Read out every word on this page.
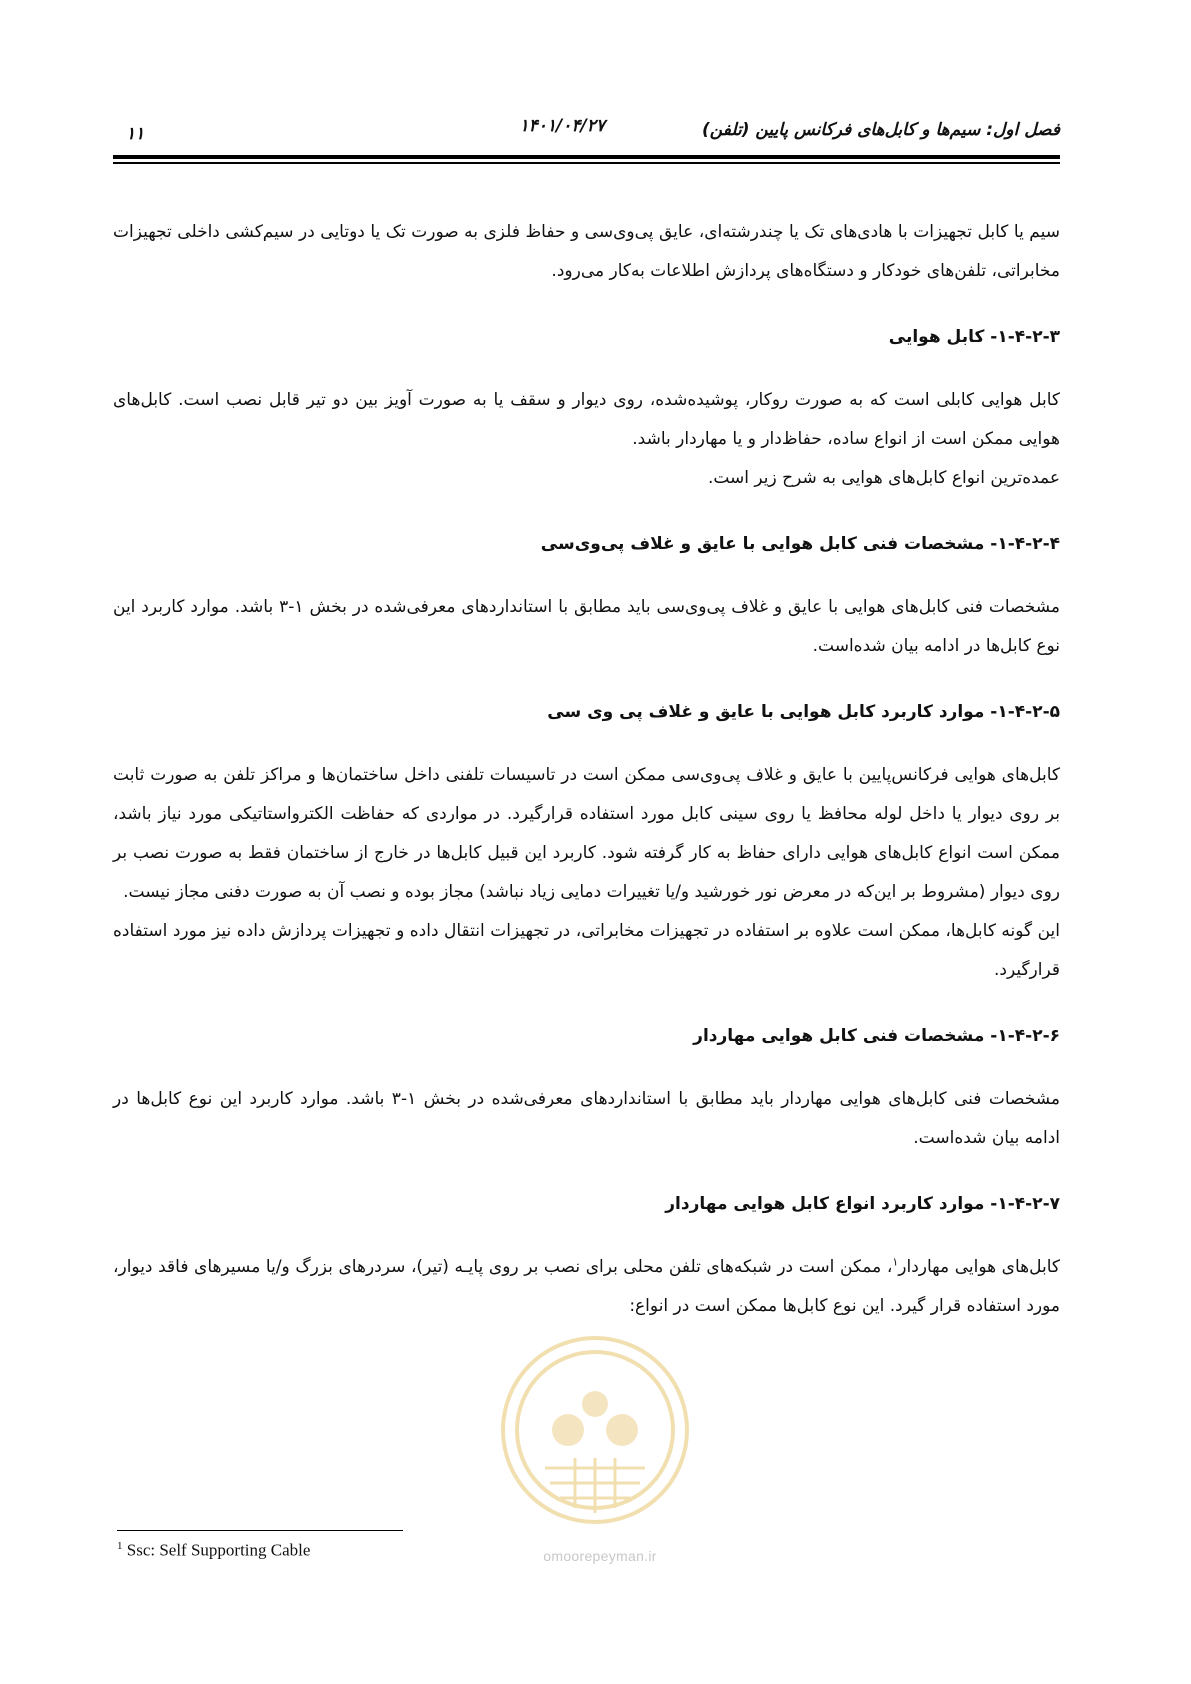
فصل اول: سیم‌ها و کابل‌های فرکانس پایین (تلفن)
۱۴۰۱/۰۴/۲۷
۱۱

سیم یا کابل تجهیزات با هادی‌های تک یا چندرشته‌ای، عایق پی‌وی‌سی و حفاظ فلزی به صورت تک یا دوتایی در سیم‌کشی داخلی تجهیزات مخابراتی، تلفن‌های خودکار و دستگاه‌های پردازش اطلاعات به‌کار می‌رود.

۱-۴-۲-۳- کابل هوایی

کابل هوایی کابلی است که به صورت روکار، پوشیده‌شده، روی دیوار و سقف یا به صورت آویز بین دو تیر قابل نصب است. کابل‌های هوایی ممکن است از انواع ساده، حفاظ‌دار و یا مهاردار باشد.

عمده‌ترین انواع کابل‌های هوایی به شرح زیر است.

۱-۴-۲-۴- مشخصات فنی کابل هوایی با عایق و غلاف پی‌وی‌سی

مشخصات فنی کابل‌های هوایی با عایق و غلاف پی‌وی‌سی باید مطابق با استانداردهای معرفی‌شده در بخش ۱-۳ باشد. موارد کاربرد این نوع کابل‌ها در ادامه بیان شده‌است.

۱-۴-۲-۵- موارد کاربرد کابل هوایی با عایق و غلاف پی وی سی

کابل‌های هوایی فرکانس‌پایین با عایق و غلاف پی‌وی‌سی ممکن است در تاسیسات تلفنی داخل ساختمان‌ها و مراکز تلفن به صورت ثابت بر روی دیوار یا داخل لوله محافظ یا روی سینی کابل مورد استفاده قرارگیرد. در مواردی که حفاظت الکترواستاتیکی مورد نیاز باشد، ممکن است انواع کابل‌های هوایی دارای حفاظ به کار گرفته شود. کاربرد این قبیل کابل‌ها در خارج از ساختمان فقط به صورت نصب بر روی دیوار (مشروط بر این‌که در معرض نور خورشید و/یا تغییرات دمایی زیاد نباشد) مجاز بوده و نصب آن به صورت دفنی مجاز نیست.

این گونه کابل‌ها، ممکن است علاوه بر استفاده در تجهیزات مخابراتی، در تجهیزات انتقال داده و تجهیزات پردازش داده نیز مورد استفاده قرارگیرد.

۱-۴-۲-۶- مشخصات فنی کابل هوایی مهاردار

مشخصات فنی کابل‌های هوایی مهاردار باید مطابق با استانداردهای معرفی‌شده در بخش ۱-۳ باشد. موارد کاربرد این نوع کابل‌ها در ادامه بیان شده‌است.

۱-۴-۲-۷- موارد کاربرد انواع کابل هوایی مهاردار

کابل‌های هوایی مهاردار$^۱$، ممکن است در شبکه‌های تلفن محلی برای نصب بر روی پایـه (تیر)، سردرهای بزرگ و/یا مسیرهای فاقد دیوار، مورد استفاده قرار گیرد. این نوع کابل‌ها ممکن است در انواع:

omoorepeyman.ir
$^1$ Ssc: Self Supporting Cable
